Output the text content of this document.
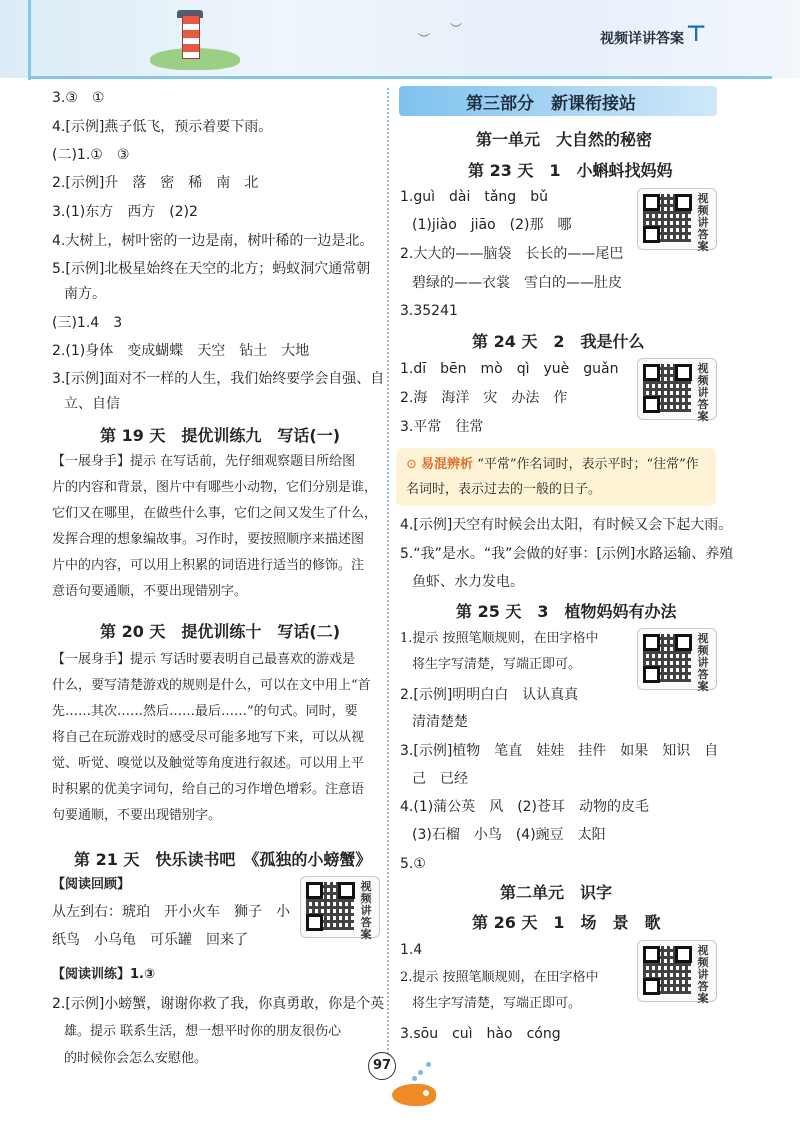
︶
︶
视频详讲答案 ⊤
3.③　①
4.[示例]燕子低飞，预示着要下雨。
(二)1.①　③
2.[示例]升　落　密　稀　南　北
3.(1)东方　西方　(2)2
4.大树上，树叶密的一边是南，树叶稀的一边是北。
5.[示例]北极星始终在天空的北方；蚂蚁洞穴通常朝
南方。
(三)1.4　3
2.(1)身体　变成蝴蝶　天空　钻土　大地
3.[示例]面对不一样的人生，我们始终要学会自强、自
立、自信
第 19 天　提优训练九　写话(一)
【一展身手】提示 在写话前，先仔细观察题目所给图
片的内容和背景，图片中有哪些小动物，它们分别是谁，
它们又在哪里，在做些什么事，它们之间又发生了什么，
发挥合理的想象编故事。习作时，要按照顺序来描述图
片中的内容，可以用上积累的词语进行适当的修饰。注
意语句要通顺，不要出现错别字。
第 20 天　提优训练十　写话(二)
【一展身手】提示 写话时要表明自己最喜欢的游戏是
什么，要写清楚游戏的规则是什么，可以在文中用上“首
先……其次……然后……最后……”的句式。同时，要
将自己在玩游戏时的感受尽可能多地写下来，可以从视
觉、听觉、嗅觉以及触觉等角度进行叙述。可以用上平
时积累的优美字词句，给自己的习作增色增彩。注意语
句要通顺，不要出现错别字。
第 21 天　快乐读书吧　《孤独的小螃蟹》
【阅读回顾】
从左到右：琥珀　开小火车　狮子　小
纸鸟　小乌龟　可乐罐　回来了
视频讲答案
【阅读训练】1.③
2.[示例]小螃蟹，谢谢你救了我，你真勇敢，你是个英
雄。提示 联系生活，想一想平时你的朋友很伤心
的时候你会怎么安慰他。
第三部分　新课衔接站
第一单元　大自然的秘密
第 23 天　1　小蝌蚪找妈妈
1.guì　dài　tǎng　bǔ
(1)jiào　jiāo　(2)那　哪
2.大大的——脑袋　长长的——尾巴
碧绿的——衣裳　雪白的——肚皮
3.35241
视频讲答案
第 24 天　2　我是什么
1.dī　bēn　mò　qì　yuè　guǎn
2.海　海洋　灾　办法　作
3.平常　往常
视频讲答案
⊙ 易混辨析 “平常”作名词时，表示平时；“往常”作
名词时，表示过去的一般的日子。
4.[示例]天空有时候会出太阳，有时候又会下起大雨。
5.“我”是水。“我”会做的好事：[示例]水路运输、养殖
鱼虾、水力发电。
第 25 天　3　植物妈妈有办法
1.提示 按照笔顺规则，在田字格中
将生字写清楚，写端正即可。
2.[示例]明明白白　认认真真
清清楚楚
3.[示例]植物　笔直　娃娃　挂件　如果　知识　自
己　已经
4.(1)蒲公英　风　(2)苍耳　动物的皮毛
(3)石榴　小鸟　(4)豌豆　太阳
5.①
视频讲答案
第二单元　识字
第 26 天　1　场　景　歌
1.4
2.提示 按照笔顺规则，在田字格中
将生字写清楚，写端正即可。
3.sōu　cuì　hào　cóng
视频讲答案
97
